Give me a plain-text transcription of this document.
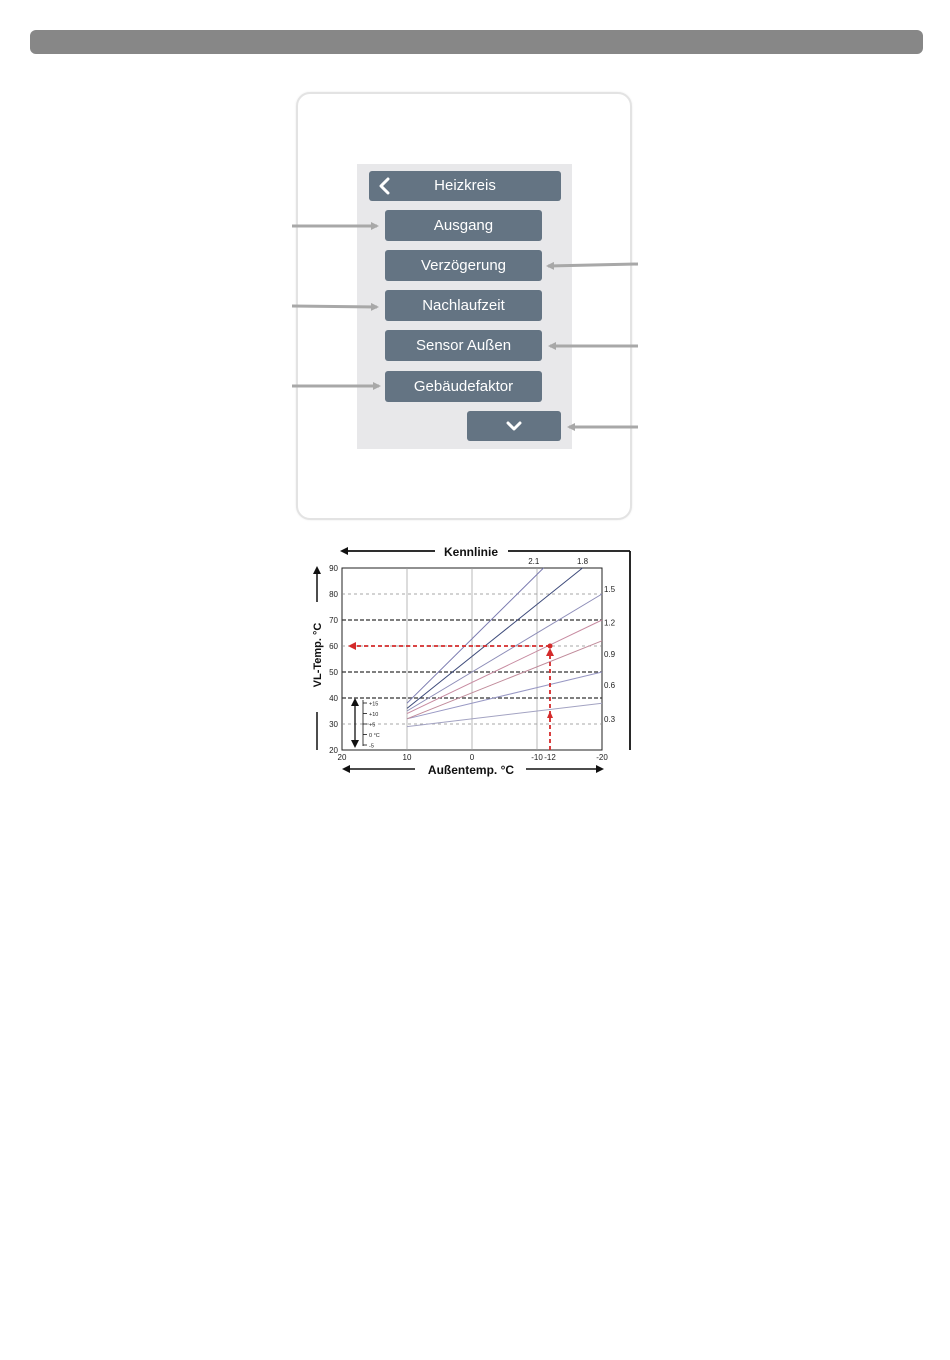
Heizkreis
Ausgang
Verzögerung
Nachlaufzeit
Sensor Außen
Gebäudefaktor
Kennlinie
VL-Temp. °C
20
30
40
50
60
70
80
90
20	10	0	-10 -12	-20
2.1	1.8
1.5
1.2
0.9
0.6
0.3
+15
+10
+5
0 °C
-5
Außentemp. °C
